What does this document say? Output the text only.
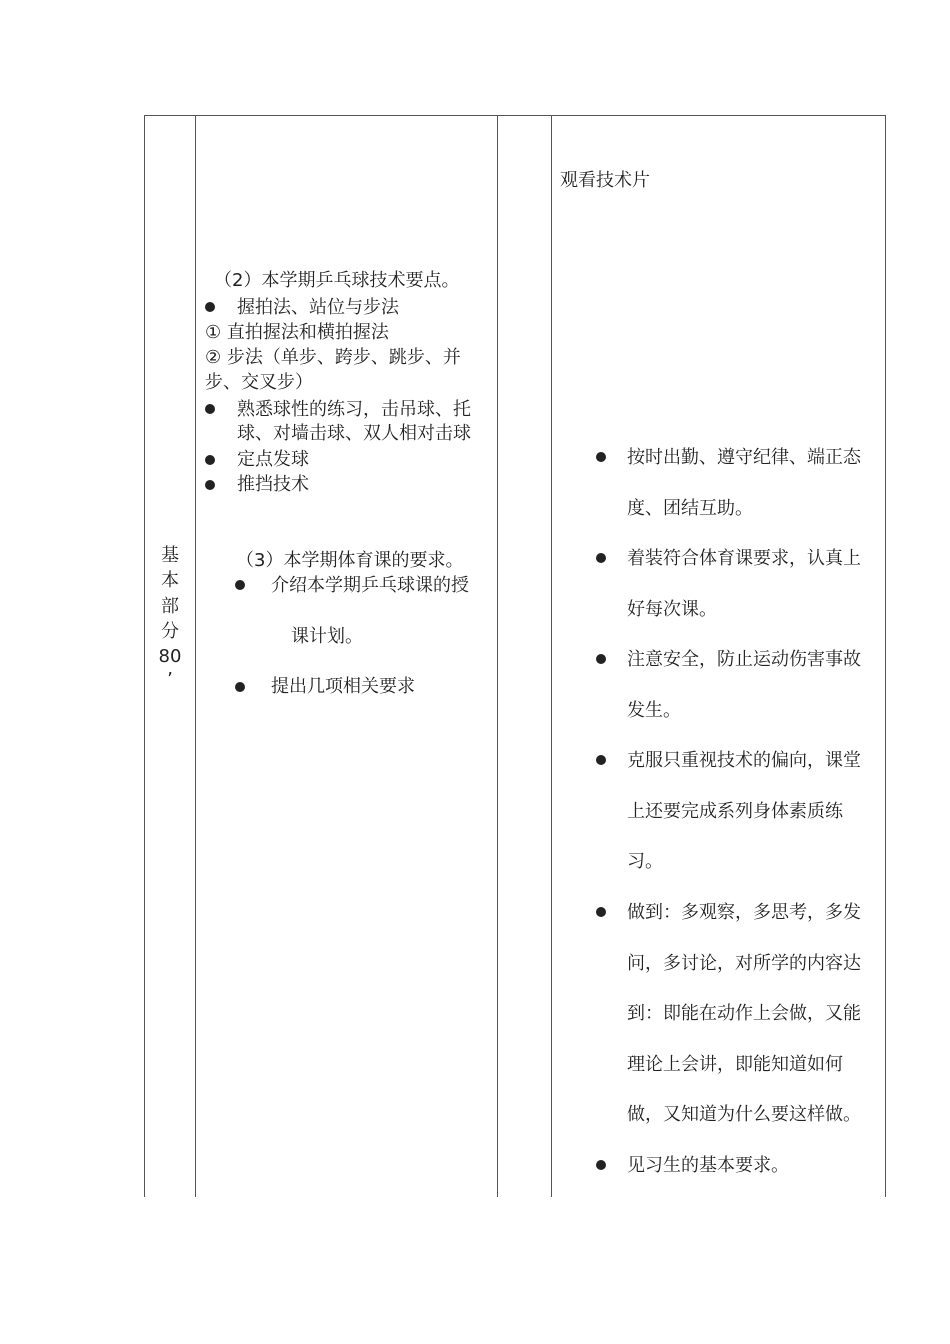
基
本
部
分
80
’
（2）本学期乒乓球技术要点。
握拍法、站位与步法
① 直拍握法和横拍握法
② 步法（单步、跨步、跳步、并
步、交叉步）
熟悉球性的练习，击吊球、托
球、对墙击球、双人相对击球
定点发球
推挡技术
（3）本学期体育课的要求。
介绍本学期乒乓球课的授
课计划。
提出几项相关要求
观看技术片
按时出勤、遵守纪律、端正态
度、团结互助。
着装符合体育课要求，认真上
好每次课。
注意安全，防止运动伤害事故
发生。
克服只重视技术的偏向，课堂
上还要完成系列身体素质练
习。
做到：多观察，多思考，多发
问，多讨论，对所学的内容达
到：即能在动作上会做，又能
理论上会讲，即能知道如何
做，又知道为什么要这样做。
见习生的基本要求。
